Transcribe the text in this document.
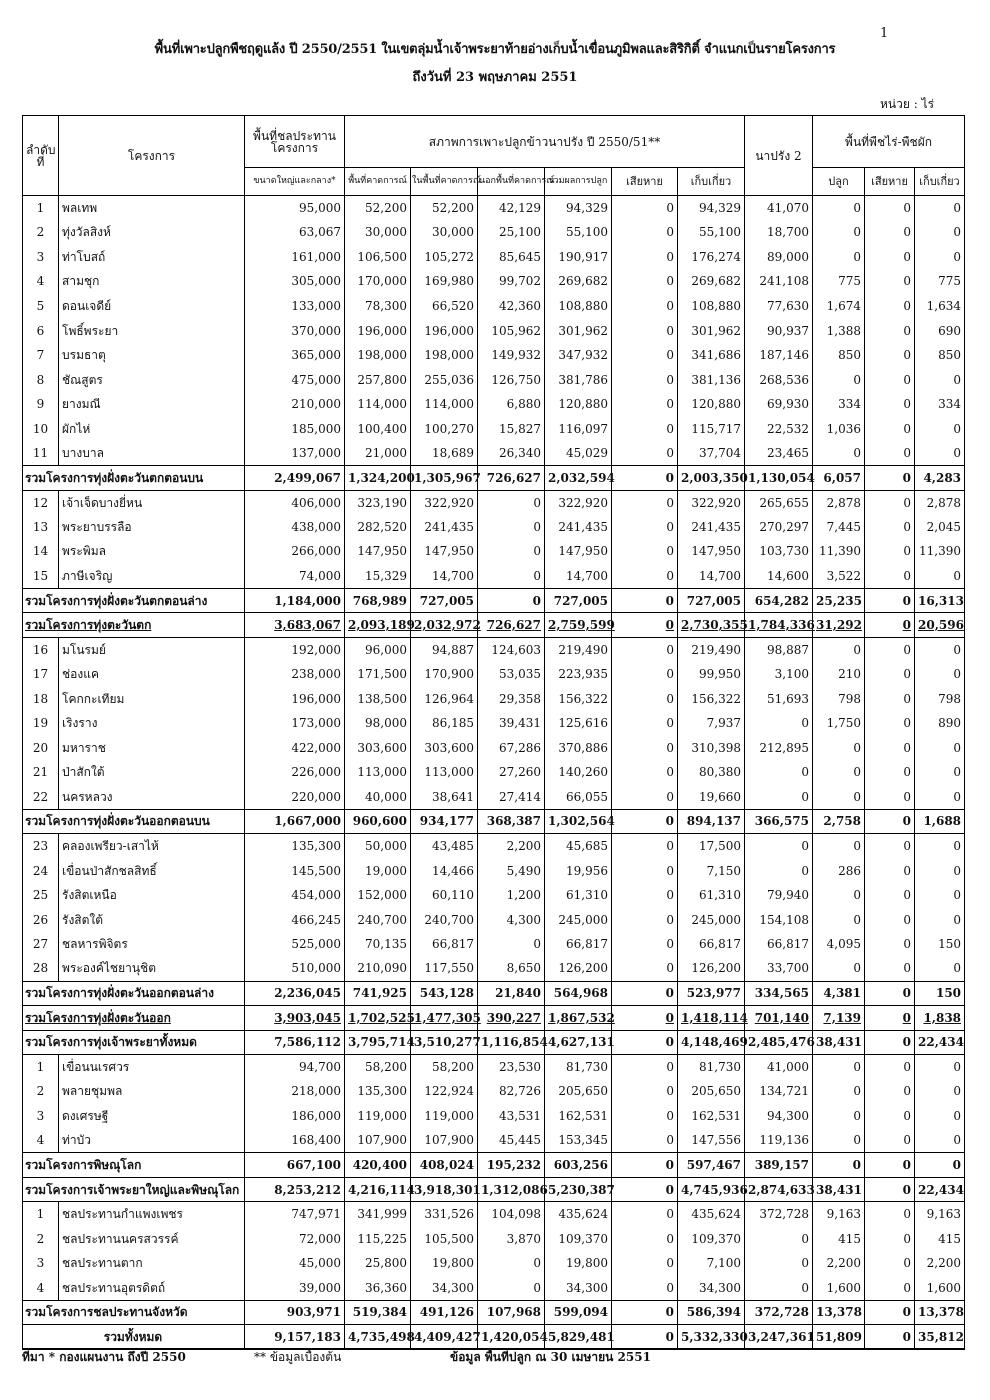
1
พื้นที่เพาะปลูกพืชฤดูแล้ง ปี 2550/2551 ในเขตลุ่มน้ำเจ้าพระยาท้ายอ่างเก็บน้ำเขื่อนภูมิพลและสิริกิติ์ จำแนกเป็นรายโครงการ
ถึงวันที่ 23 พฤษภาคม 2551
หน่วย : ไร่
ลำดับที่	โครงการ	พื้นที่ชลประทานโครงการ	สภาพการเพาะปลูกข้าวนาปรัง ปี 2550/51**						นาปรัง 2	พื้นที่พืชไร่-พืชผัก		

		ขนาดใหญ่และกลาง*	พื้นที่คาดการณ์	ในพื้นที่คาดการณ์	นอกพื้นที่คาดการณ์	รวมผลการปลูก	เสียหาย	เก็บเกี่ยว		ปลูก	เสียหาย	เก็บเกี่ยว
1	พลเทพ	95,000	52,200	52,200	42,129	94,329	0	94,329	41,070	0	0	0
2	ทุ่งวัลสิงห์	63,067	30,000	30,000	25,100	55,100	0	55,100	18,700	0	0	0
3	ท่าโบสถ์	161,000	106,500	105,272	85,645	190,917	0	176,274	89,000	0	0	0
4	สามชุก	305,000	170,000	169,980	99,702	269,682	0	269,682	241,108	775	0	775
5	ดอนเจดีย์	133,000	78,300	66,520	42,360	108,880	0	108,880	77,630	1,674	0	1,634
6	โพธิ์พระยา	370,000	196,000	196,000	105,962	301,962	0	301,962	90,937	1,388	0	690
7	บรมธาตุ	365,000	198,000	198,000	149,932	347,932	0	341,686	187,146	850	0	850
8	ชัณสูตร	475,000	257,800	255,036	126,750	381,786	0	381,136	268,536	0	0	0
9	ยางมณี	210,000	114,000	114,000	6,880	120,880	0	120,880	69,930	334	0	334
10	ผักไห่	185,000	100,400	100,270	15,827	116,097	0	115,717	22,532	1,036	0	0
11	บางบาล	137,000	21,000	18,689	26,340	45,029	0	37,704	23,465	0	0	0
รวมโครงการทุ่งฝั่งตะวันตกตอนบน		2,499,067	1,324,200	1,305,967	726,627	2,032,594	0	2,003,350	1,130,054	6,057	0	4,283
12	เจ้าเจ็ดบางยี่หน	406,000	323,190	322,920	0	322,920	0	322,920	265,655	2,878	0	2,878
13	พระยาบรรลือ	438,000	282,520	241,435	0	241,435	0	241,435	270,297	7,445	0	2,045
14	พระพิมล	266,000	147,950	147,950	0	147,950	0	147,950	103,730	11,390	0	11,390
15	ภาษีเจริญ	74,000	15,329	14,700	0	14,700	0	14,700	14,600	3,522	0	0
รวมโครงการทุ่งฝั่งตะวันตกตอนล่าง		1,184,000	768,989	727,005	0	727,005	0	727,005	654,282	25,235	0	16,313
รวมโครงการทุ่งตะวันตก		3,683,067	2,093,189	2,032,972	726,627	2,759,599	0	2,730,355	1,784,336	31,292	0	20,596
16	มโนรมย์	192,000	96,000	94,887	124,603	219,490	0	219,490	98,887	0	0	0
17	ช่องแค	238,000	171,500	170,900	53,035	223,935	0	99,950	3,100	210	0	0
18	โคกกะเทียม	196,000	138,500	126,964	29,358	156,322	0	156,322	51,693	798	0	798
19	เริงราง	173,000	98,000	86,185	39,431	125,616	0	7,937	0	1,750	0	890
20	มหาราช	422,000	303,600	303,600	67,286	370,886	0	310,398	212,895	0	0	0
21	ป่าสักใต้	226,000	113,000	113,000	27,260	140,260	0	80,380	0	0	0	0
22	นครหลวง	220,000	40,000	38,641	27,414	66,055	0	19,660	0	0	0	0
รวมโครงการทุ่งฝั่งตะวันออกตอนบน		1,667,000	960,600	934,177	368,387	1,302,564	0	894,137	366,575	2,758	0	1,688
23	คลองเพรียว-เสาไห้	135,300	50,000	43,485	2,200	45,685	0	17,500	0	0	0	0
24	เขื่อนป่าสักชลสิทธิ์	145,500	19,000	14,466	5,490	19,956	0	7,150	0	286	0	0
25	รังสิตเหนือ	454,000	152,000	60,110	1,200	61,310	0	61,310	79,940	0	0	0
26	รังสิตใต้	466,245	240,700	240,700	4,300	245,000	0	245,000	154,108	0	0	0
27	ชลหารพิจิตร	525,000	70,135	66,817	0	66,817	0	66,817	66,817	4,095	0	150
28	พระองค์ไชยานุชิต	510,000	210,090	117,550	8,650	126,200	0	126,200	33,700	0	0	0
รวมโครงการทุ่งฝั่งตะวันออกตอนล่าง		2,236,045	741,925	543,128	21,840	564,968	0	523,977	334,565	4,381	0	150
รวมโครงการทุ่งฝั่งตะวันออก		3,903,045	1,702,525	1,477,305	390,227	1,867,532	0	1,418,114	701,140	7,139	0	1,838
รวมโครงการทุ่งเจ้าพระยาทั้งหมด		7,586,112	3,795,714	3,510,277	1,116,854	4,627,131	0	4,148,469	2,485,476	38,431	0	22,434
1	เขื่อนนเรศวร	94,700	58,200	58,200	23,530	81,730	0	81,730	41,000	0	0	0
2	พลายชุมพล	218,000	135,300	122,924	82,726	205,650	0	205,650	134,721	0	0	0
3	ดงเศรษฐี	186,000	119,000	119,000	43,531	162,531	0	162,531	94,300	0	0	0
4	ท่าบัว	168,400	107,900	107,900	45,445	153,345	0	147,556	119,136	0	0	0
รวมโครงการพิษณุโลก		667,100	420,400	408,024	195,232	603,256	0	597,467	389,157	0	0	0
รวมโครงการเจ้าพระยาใหญ่และพิษณุโลก		8,253,212	4,216,114	3,918,301	1,312,086	5,230,387	0	4,745,936	2,874,633	38,431	0	22,434
1	ชลประทานกำแพงเพชร	747,971	341,999	331,526	104,098	435,624	0	435,624	372,728	9,163	0	9,163
2	ชลประทานนครสวรรค์	72,000	115,225	105,500	3,870	109,370	0	109,370	0	415	0	415
3	ชลประทานตาก	45,000	25,800	19,800	0	19,800	0	7,100	0	2,200	0	2,200
4	ชลประทานอุตรดิตถ์	39,000	36,360	34,300	0	34,300	0	34,300	0	1,600	0	1,600
รวมโครงการชลประทานจังหวัด		903,971	519,384	491,126	107,968	599,094	0	586,394	372,728	13,378	0	13,378
รวมทั้งหมด		9,157,183	4,735,498	4,409,427	1,420,054	5,829,481	0	5,332,330	3,247,361	51,809	0	35,812
ที่มา * กองแผนงาน ถึงปี 2550	** ข้อมูลเบื้องต้น	ข้อมูล พื้นที่ปลูก ณ 30 เมษายน 2551
